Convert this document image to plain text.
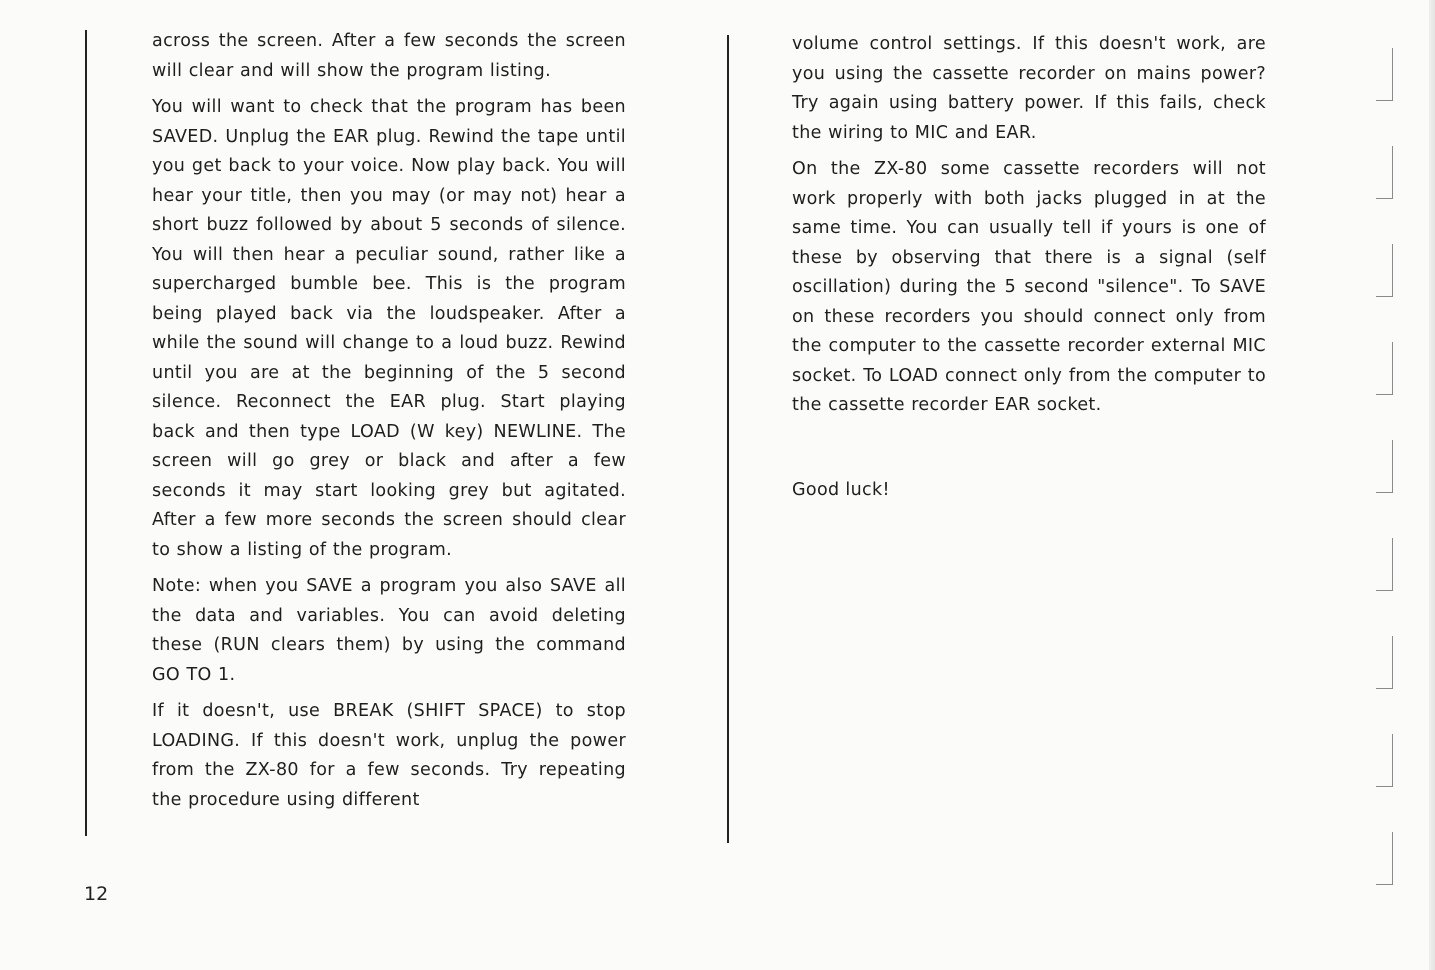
across the screen. After a few seconds the screen will clear and will show the program listing.

You will want to check that the program has been SAVED. Unplug the EAR plug. Rewind the tape until you get back to your voice. Now play back. You will hear your title, then you may (or may not) hear a short buzz followed by about 5 seconds of silence. You will then hear a peculiar sound, rather like a supercharged bumble bee. This is the program being played back via the loudspeaker. After a while the sound will change to a loud buzz. Rewind until you are at the beginning of the 5 second silence. Reconnect the EAR plug. Start playing back and then type LOAD (W key) NEWLINE. The screen will go grey or black and after a few seconds it may start looking grey but agitated. After a few more seconds the screen should clear to show a listing of the program.

Note: when you SAVE a program you also SAVE all the data and variables. You can avoid deleting these (RUN clears them) by using the command GO TO 1.

If it doesn't, use BREAK (SHIFT SPACE) to stop LOADING. If this doesn't work, unplug the power from the ZX-80 for a few seconds. Try repeating the procedure using different

volume control settings. If this doesn't work, are you using the cassette recorder on mains power? Try again using battery power. If this fails, check the wiring to MIC and EAR.

On the ZX-80 some cassette recorders will not work properly with both jacks plugged in at the same time. You can usually tell if yours is one of these by observing that there is a signal (self oscillation) during the 5 second "silence". To SAVE on these recorders you should connect only from the computer to the cassette recorder external MIC socket. To LOAD connect only from the computer to the cassette recorder EAR socket.

Good luck!
12
